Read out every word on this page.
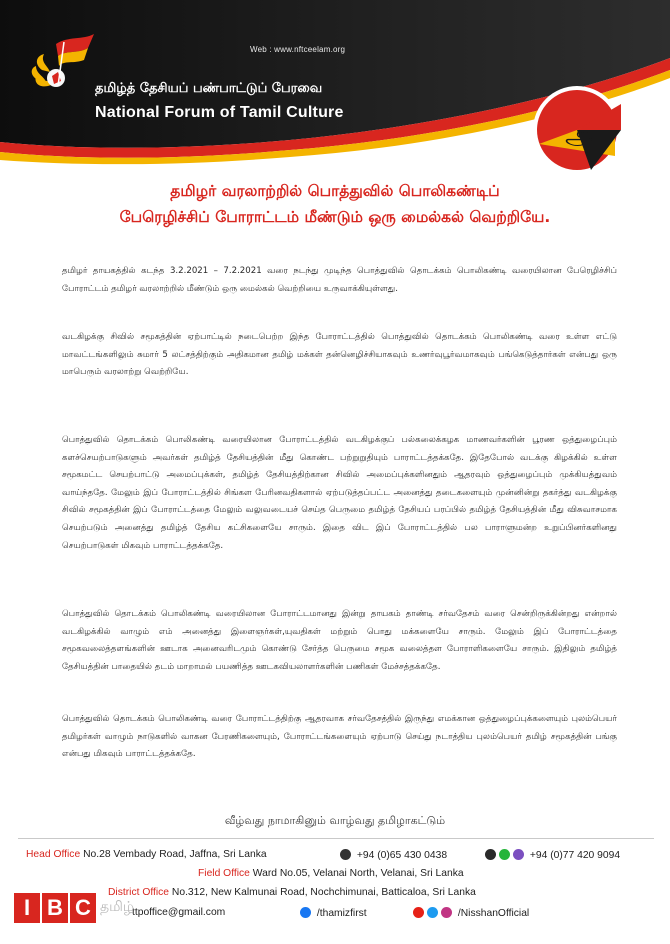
Web : www.nftceelam.org
தமிழ்த் தேசியப் பண்பாட்டுப் பேரவை
National Forum of Tamil Culture
அ
தமிழர் வரலாற்றில் பொத்துவில் பொலிகண்டிப்
பேரெழிச்சிப் போராட்டம் மீண்டும் ஒரு மைல்கல் வெற்றியே.
தமிழர் தாயகத்தில் கடந்த 3.2.2021 – 7.2.2021 வரை நடந்து முடிந்த பொத்துவில் தொடக்கம் பொலிகண்டி வரையிலான பேரெழிச்சிப் போராட்டம் தமிழர் வரலாற்றில் மீண்டும் ஒரு மைல்கல் வெற்றியை உருவாக்கியுள்ளது.
வடகிழக்கு சிவில் சமூகத்தின் ஏற்பாட்டில் நடைபெற்ற இந்த போராட்டத்தில் பொத்துவில் தொடக்கம் பொலிகண்டி வரை உள்ள எட்டு மாவட்டங்களிலும் சுமார் 5 லட்சத்திற்கும் அதிகமான தமிழ் மக்கள் தன்னெழிச்சியாகவும் உணர்வுபூர்வமாகவும் பங்கெடுத்தார்கள் என்பது ஒரு மாபெரும் வரலாற்று வெற்றியே.
பொத்துவில் தொடக்கம் பொலிகண்டி வரையிலான போராட்டத்தில் வடகிழக்குப் பல்கலைக்கழக மாணவர்களின் பூரண ஒத்துழைப்பும் களச்செயற்பாடுகளும் அவர்கள் தமிழ்த் தேசியத்தின் மீது கொண்ட பற்றுறுதியும் பாராட்டத்தக்கதே. இதேபோல் வடக்கு கிழக்கில் உள்ள சமூகமட்ட செயற்பாட்டு அமைப்புக்கள், தமிழ்த் தேசியத்திற்கான சிவில் அமைப்புக்களினதும் ஆதரவும் ஒத்துழைப்பும் முக்கியத்துவம் வாய்ந்ததே. மேலும் இப் போராட்டத்தில் சிங்கள பேரினவதிகளால் ஏற்படுத்தப்பட்ட அனைத்து தடைகளையும் முன்னின்று தகர்த்து வடகிழக்கு சிவில் சமூகத்தின் இப் போராட்டத்தை மேலும் வலுவடையச் செய்த பெருமை தமிழ்த் தேசியப் பரப்பில் தமிழ்த் தேசியத்தின் மீது விசுவாசமாக செயற்படும் அனைத்து தமிழ்த் தேசிய கட்சிகளையே சாரும். இதை விட இப் போராட்டத்தில் பல பாராளுமன்ற உறுப்பினர்களினது செயற்பாடுகள் மிகவும் பாராட்டத்தக்கதே.
பொத்துவில் தொடக்கம் பொலிகண்டி வரையிலான போராட்டமானது இன்று தாயகம் தாண்டி சர்வதேசம் வரை சென்றிருக்கின்றது என்றால் வடகிழக்கில் வாழும் எம் அனைத்து இளைஞர்கள்,யுவதிகள் மற்றும் பொது மக்களையே சாரும். மேலும் இப் போராட்டத்தை சமூகவலைத்தளங்களின் ஊடாக அனைவரிடமும் கொண்டு சேர்த்த பெருமை சமூக வலைத்தள போராளிகளையே சாரும். இதிலும் தமிழ்த் தேசியத்தின் பாதையில் தடம் மாறாமல் பயணித்த ஊடகவியலாளர்களின் பணிகள் மேச்சத்தக்கதே.
பொத்துவில் தொடக்கம் பொலிகண்டி வரை போராட்டத்திற்கு ஆதரவாக சர்வதேசத்தில் இருந்து எமக்கான ஒத்துழைப்புக்களையும் புலம்பெயர் தமிழர்கள் வாழும் நாடுகளில் வாகன பேரணிகளையும், போராட்டங்களையும் ஏற்பாடு செய்து நடாத்திய புலம்பெயர் தமிழ் சமூகத்தின் பங்கு என்பது மிகவும் பாராட்டத்தக்கதே.
வீழ்வது நாமாகினும் வாழ்வது தமிழாகட்டும்
Head Office No.28 Vembady Road, Jaffna, Sri Lanka	+94 (0)65 430 0438	+94 (0)77 420 9094
Field Office Ward No.05, Velanai North, Velanai, Sri Lanka
District Office No.312, New Kalmunai Road, Nochchimunai, Batticaloa, Sri Lanka
ttpoffice@gmail.com	/thamizfirst	/NisshanOfficial
I B C தமிழ்
